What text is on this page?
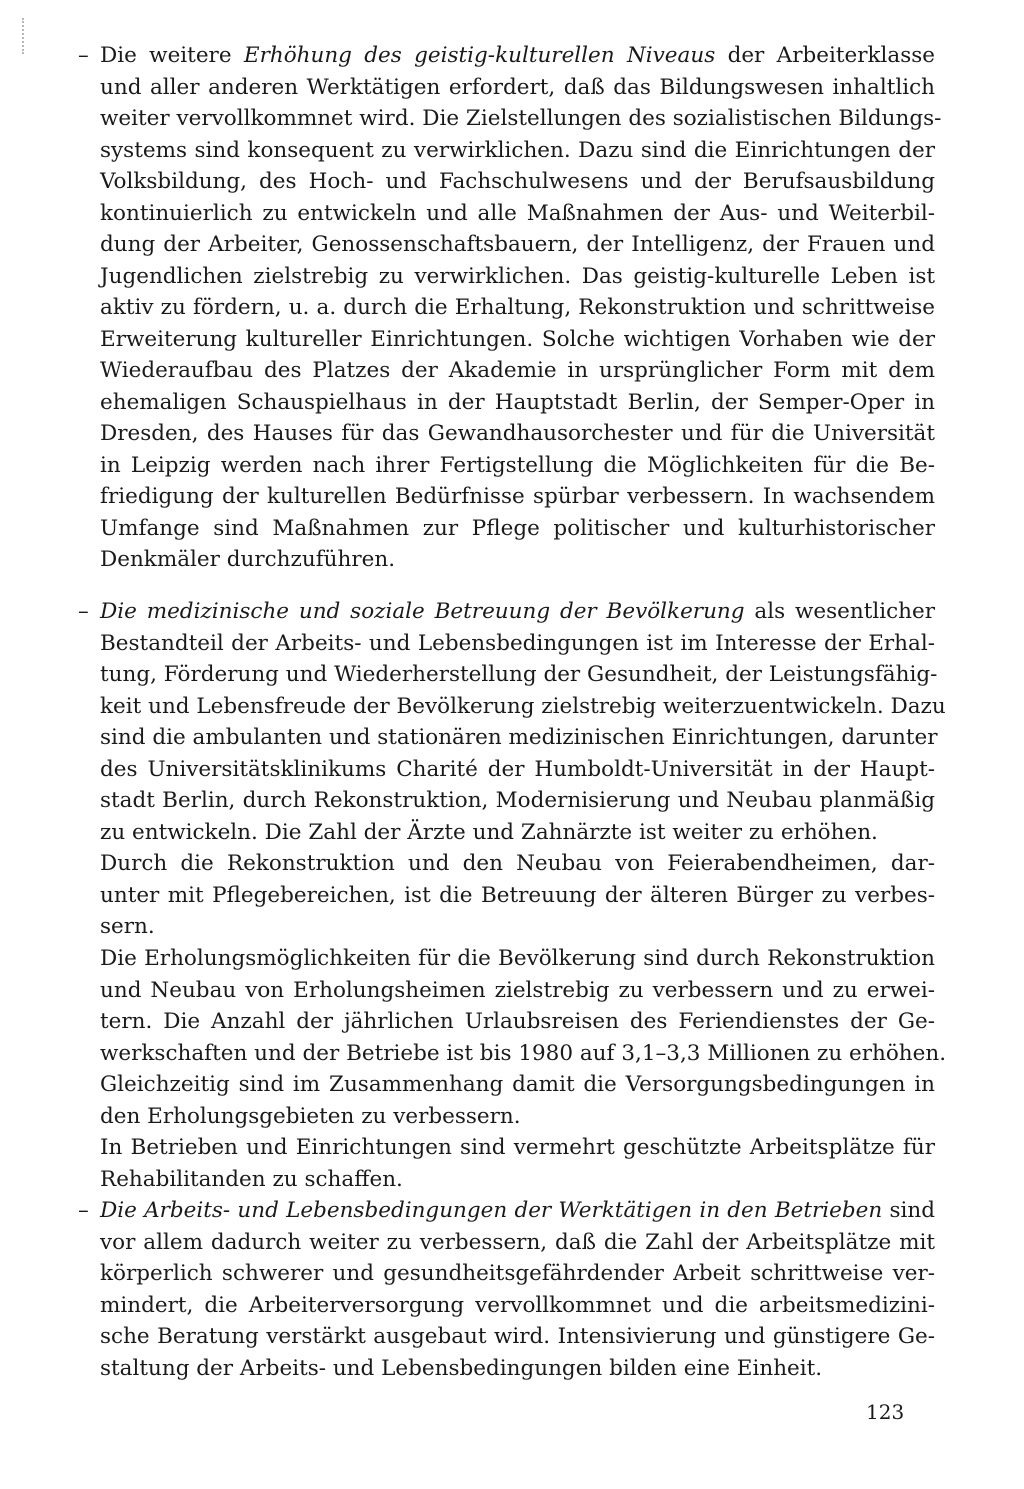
– Die weitere Erhöhung des geistig-kulturellen Niveaus der Arbeiterklasse
und aller anderen Werktätigen erfordert, daß das Bildungswesen inhaltlich
weiter vervollkommnet wird. Die Zielstellungen des sozialistischen Bildungs-
systems sind konsequent zu verwirklichen. Dazu sind die Einrichtungen der
Volksbildung, des Hoch- und Fachschulwesens und der Berufsausbildung
kontinuierlich zu entwickeln und alle Maßnahmen der Aus- und Weiterbil-
dung der Arbeiter, Genossenschaftsbauern, der Intelligenz, der Frauen und
Jugendlichen zielstrebig zu verwirklichen. Das geistig-kulturelle Leben ist
aktiv zu fördern, u. a. durch die Erhaltung, Rekonstruktion und schrittweise
Erweiterung kultureller Einrichtungen. Solche wichtigen Vorhaben wie der
Wiederaufbau des Platzes der Akademie in ursprünglicher Form mit dem
ehemaligen Schauspielhaus in der Hauptstadt Berlin, der Semper-Oper in
Dresden, des Hauses für das Gewandhausorchester und für die Universität
in Leipzig werden nach ihrer Fertigstellung die Möglichkeiten für die Be-
friedigung der kulturellen Bedürfnisse spürbar verbessern. In wachsendem
Umfange sind Maßnahmen zur Pflege politischer und kulturhistorischer
Denkmäler durchzuführen.
– Die medizinische und soziale Betreuung der Bevölkerung als wesentlicher
Bestandteil der Arbeits- und Lebensbedingungen ist im Interesse der Erhal-
tung, Förderung und Wiederherstellung der Gesundheit, der Leistungsfähig-
keit und Lebensfreude der Bevölkerung zielstrebig weiterzuentwickeln. Dazu
sind die ambulanten und stationären medizinischen Einrichtungen, darunter
des Universitätsklinikums Charité der Humboldt-Universität in der Haupt-
stadt Berlin, durch Rekonstruktion, Modernisierung und Neubau planmäßig
zu entwickeln. Die Zahl der Ärzte und Zahnärzte ist weiter zu erhöhen.
Durch die Rekonstruktion und den Neubau von Feierabendheimen, dar-
unter mit Pflegebereichen, ist die Betreuung der älteren Bürger zu verbes-
sern.
Die Erholungsmöglichkeiten für die Bevölkerung sind durch Rekonstruktion
und Neubau von Erholungsheimen zielstrebig zu verbessern und zu erwei-
tern. Die Anzahl der jährlichen Urlaubsreisen des Feriendienstes der Ge-
werkschaften und der Betriebe ist bis 1980 auf 3,1–3,3 Millionen zu erhöhen.
Gleichzeitig sind im Zusammenhang damit die Versorgungsbedingungen in
den Erholungsgebieten zu verbessern.
In Betrieben und Einrichtungen sind vermehrt geschützte Arbeitsplätze für
Rehabilitanden zu schaffen.
– Die Arbeits- und Lebensbedingungen der Werktätigen in den Betrieben sind
vor allem dadurch weiter zu verbessern, daß die Zahl der Arbeitsplätze mit
körperlich schwerer und gesundheitsgefährdender Arbeit schrittweise ver-
mindert, die Arbeiterversorgung vervollkommnet und die arbeitsmedizini-
sche Beratung verstärkt ausgebaut wird. Intensivierung und günstigere Ge-
staltung der Arbeits- und Lebensbedingungen bilden eine Einheit.
123
